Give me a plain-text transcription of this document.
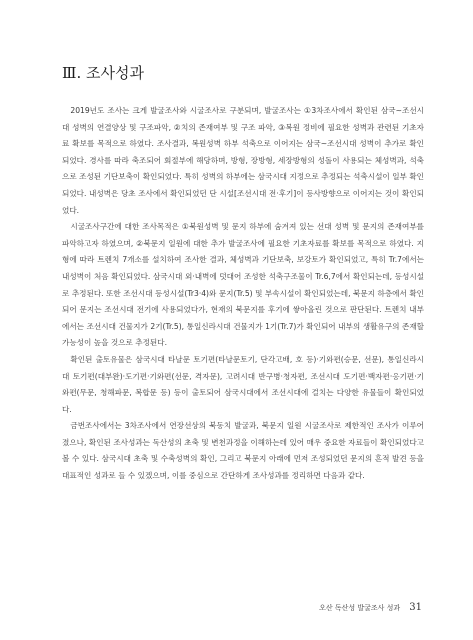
Ⅲ. 조사성과

2019년도 조사는 크게 발굴조사와 시굴조사로 구분되며, 발굴조사는 ①3차조사에서 확인된 삼국~조선시대 성벽의 연결양상 및 구조파악, ②치의 존재여부 및 구조 파악, ③복원 정비에 필요한 성벽과 관련된 기초자료 확보를 목적으로 하였다. 조사결과, 복원성벽 하부 석축으로 이어지는 삼국~조선시대 성벽이 추가로 확인되었다. 경사를 따라 축조되어 회절부에 해당하며, 방형, 장방형, 세장방형의 성돌이 사용되는 체성벽과, 석축으로 조성된 기단보축이 확인되었다. 특히 성벽의 하부에는 삼국시대 지정으로 추정되는 석축시설이 일부 확인되었다. 내성벽은 당초 조사에서 확인되었던 단 시설[조선시대 전·후기]이 등사방향으로 이어지는 것이 확인되었다.

시굴조사구간에 대한 조사목적은 ①북원성벽 및 문지 하부에 숨겨져 있는 선대 성벽 및 문지의 존재여부를 파악하고자 하였으며, ②북문지 일원에 대한 추가 발굴조사에 필요한 기초자료를 확보를 목적으로 하였다. 지형에 따라 트렌치 7개소를 설치하여 조사한 결과, 체성벽과 기단보축, 보강토가 확인되었고, 특히 Tr.7에서는 내성벽이 처음 확인되었다. 삼국시대 외·내벽에 덧대어 조성한 석축구조물이 Tr.6,7에서 확인되는데, 등성시설로 추정된다. 또한 조선시대 등성시설(Tr3·4)와 문지(Tr.5) 및 부속시설이 확인되었는데, 북문지 하층에서 확인되어 문지는 조선시대 전기에 사용되었다가, 현재의 북문지를 후기에 쌓아올린 것으로 판단된다. 트렌치 내부에서는 조선시대 건물지가 2기(Tr.5), 통일신라시대 건물지가 1기(Tr.7)가 확인되어 내부의 생활유구의 존재할 가능성이 높을 것으로 추정된다.

확인된 출토유물은 삼국시대 타날문 토기편(타날문토기, 단각고배, 호 등)·기와편(승문, 선문), 통일신라시대 토기편(대부완)·도기편·기와편(선문, 격자문), 고려시대 반구병·청자편, 조선시대 도기편·백자편·옹기편·기와편(무문, 청해파문, 복합문 등) 등이 출토되어 삼국시대에서 조선시대에 걸치는 다양한 유물들이 확인되었다.

금번조사에서는 3차조사에서 연장선상의 북동치 발굴과, 북문지 일원 시굴조사로 제한적인 조사가 이루어졌으나, 확인된 조사성과는 독산성의 초축 및 변천과정을 이해하는데 있어 매우 중요한 자료들이 확인되었다고 볼 수 있다. 삼국시대 초축 및 수축성벽의 확인, 그리고 북문지 아래에 먼저 조성되었던 문지의 흔적 발견 등을 대표적인 성과로 들 수 있겠으며, 이를 중심으로 간단하게 조사성과를 정리하면 다음과 같다.

오산 독산성 발굴조사 성과 31
